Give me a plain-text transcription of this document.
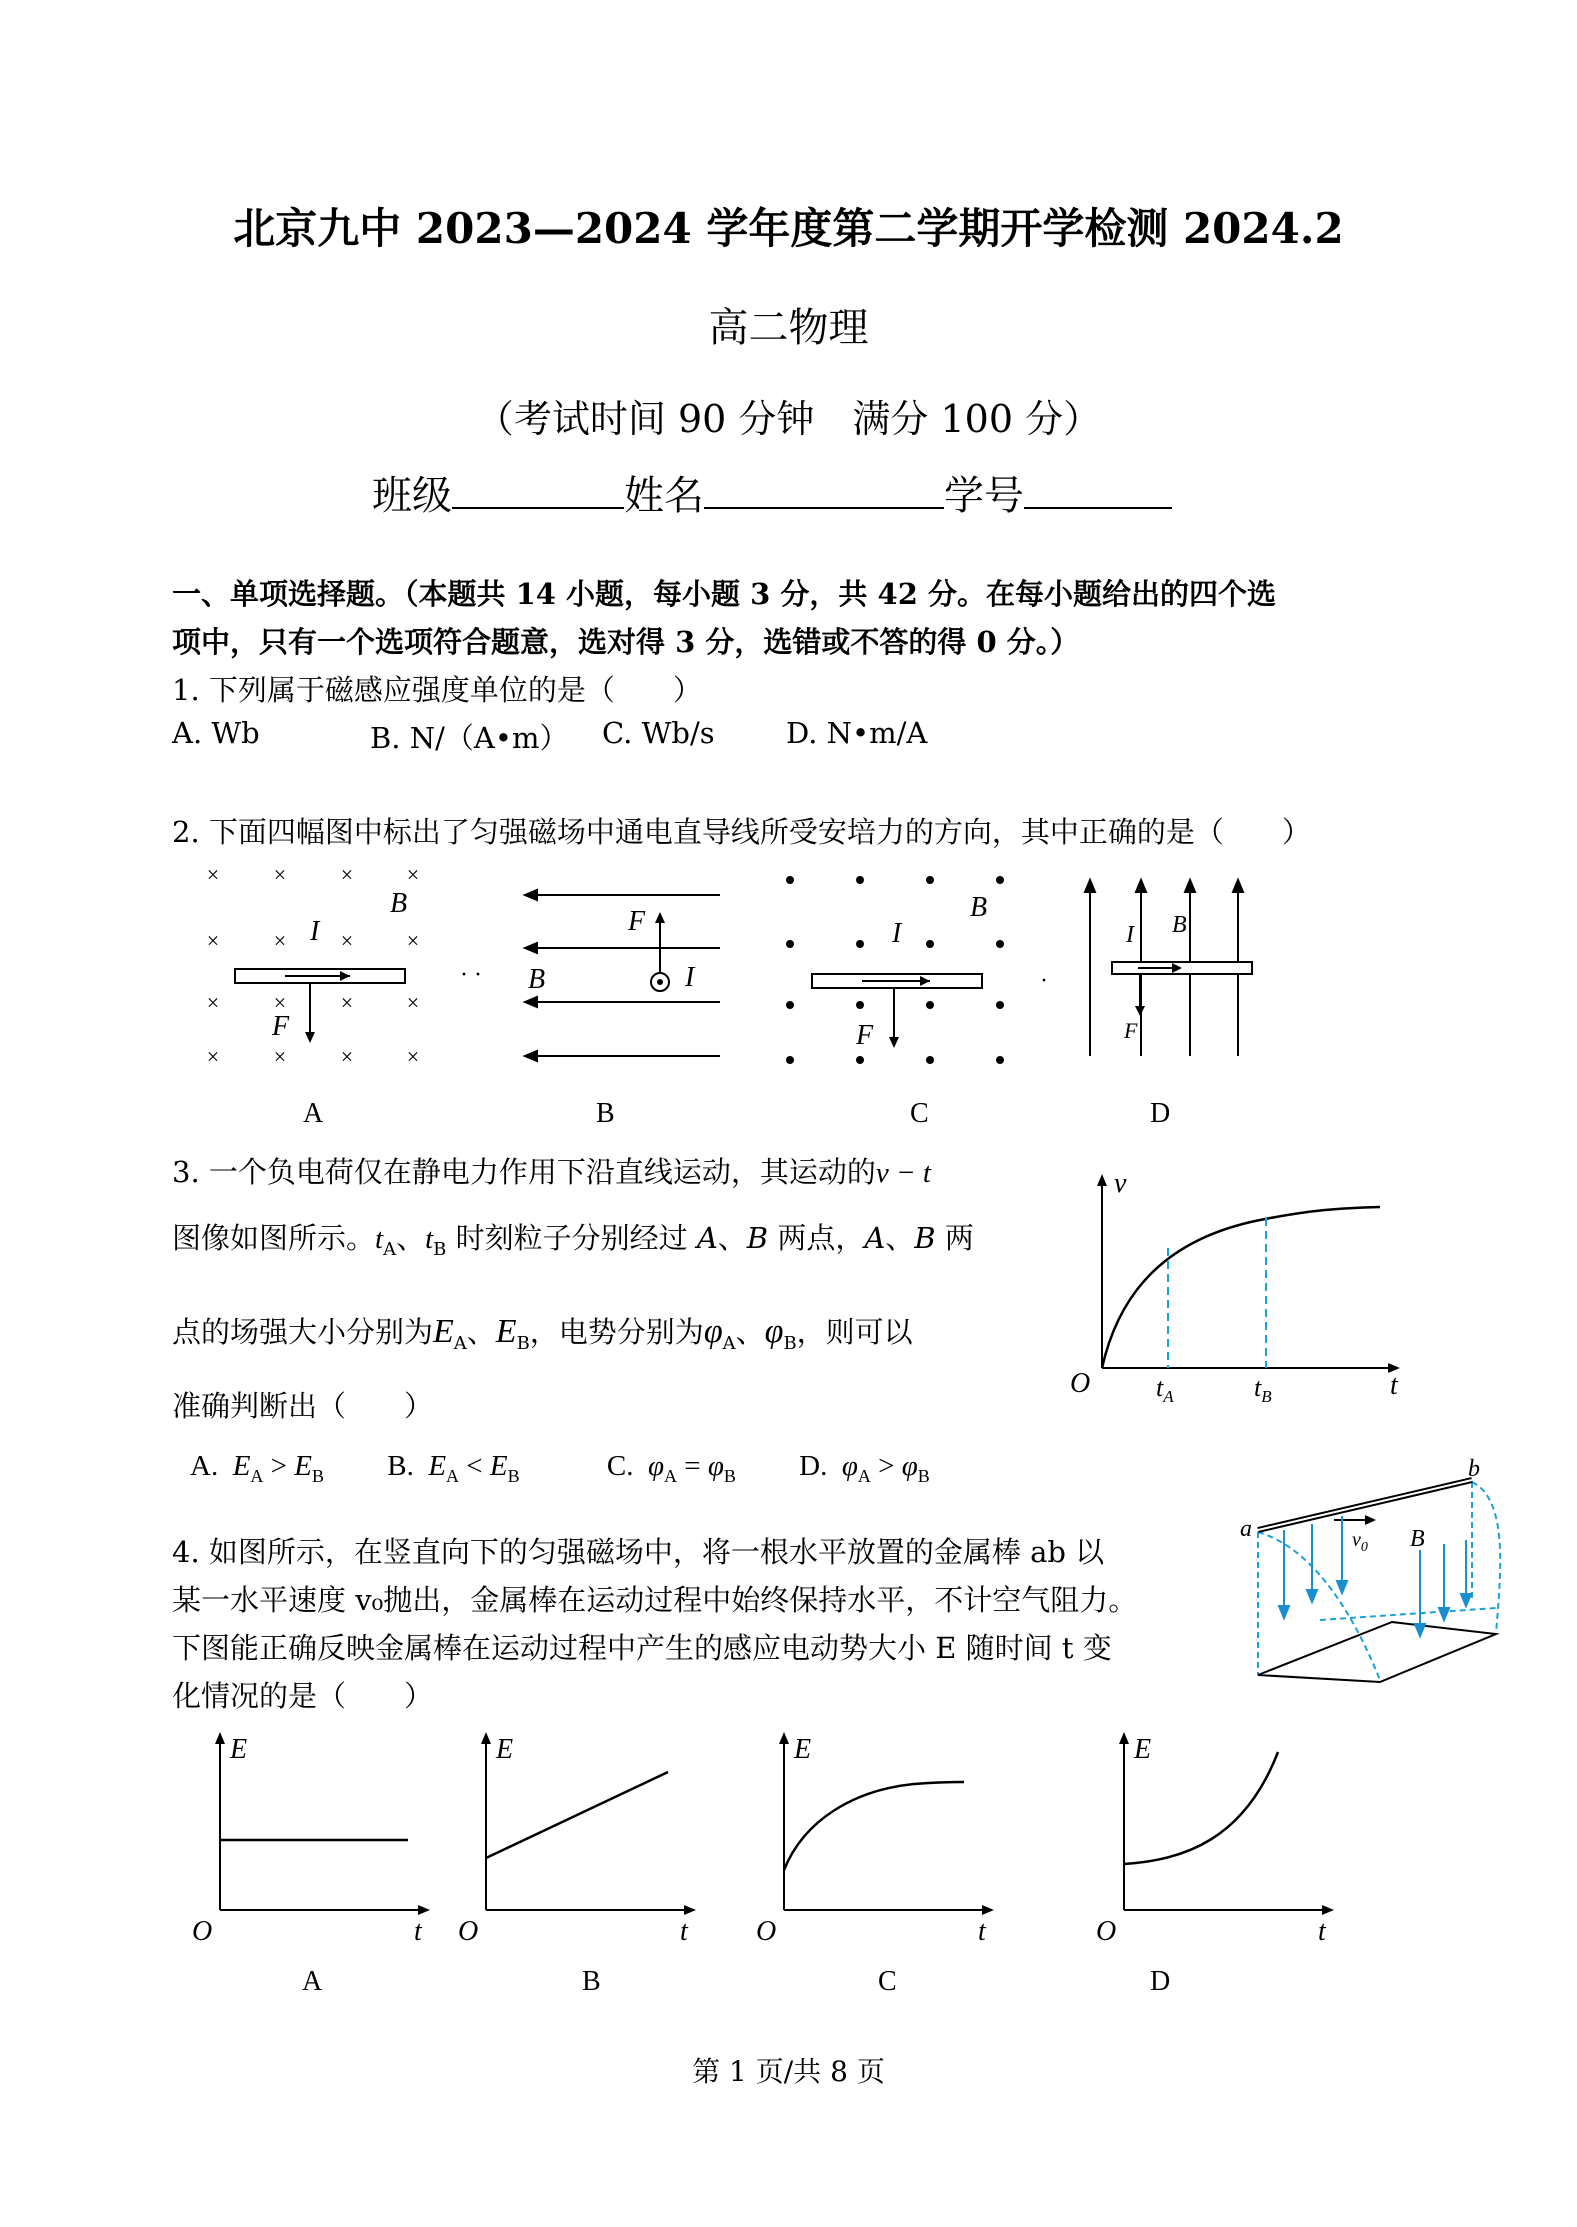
北京九中 2023—2024 学年度第二学期开学检测 2024.2
高二物理
（考试时间 90 分钟　满分 100 分）
班级	姓名	学号
一、单项选择题。（本题共 14 小题，每小题 3 分，共 42 分。在每小题给出的四个选
项中，只有一个选项符合题意，选对得 3 分，选错或不答的得 0 分。）
1. 下列属于磁感应强度单位的是（　　）
A. Wb	B. N/（A•m） C. Wb/s D. N•m/A
2. 下面四幅图中标出了匀强磁场中通电直导线所受安培力的方向，其中正确的是（　　）
× × × ×
× × × ×
× × × ×
× × × ×
B
I
F
A
· · B
F
I
B
B
I
F
C
·
B
I
F
D
3. 一个负电荷仅在静电力作用下沿直线运动，其运动的v − t
图像如图所示。$t_A$、$t_B$ 时刻粒子分别经过 A、B 两点，A、B 两
点的场强大小分别为$E_A$、$E_B$，电势分别为$\varphi_A$、$\varphi_B$，则可以
准确判断出（　　）
A. $E_A > E_B$ B. $E_A < E_B$	C. $\varphi_A = \varphi_B$ D. $\varphi_A > \varphi_B$
v
O	t
$t_A$	$t_B$
4. 如图所示，在竖直向下的匀强磁场中，将一根水平放置的金属棒 ab 以
某一水平速度 v₀抛出，金属棒在运动过程中始终保持水平，不计空气阻力。
下图能正确反映金属棒在运动过程中产生的感应电动势大小 E 随时间 t 变
化情况的是（　　）
$v_0$
a
b
B
E
O	t
A
E
O	t
B
E
O	t
C
E
O	t
D
第 1 页/共 8 页
